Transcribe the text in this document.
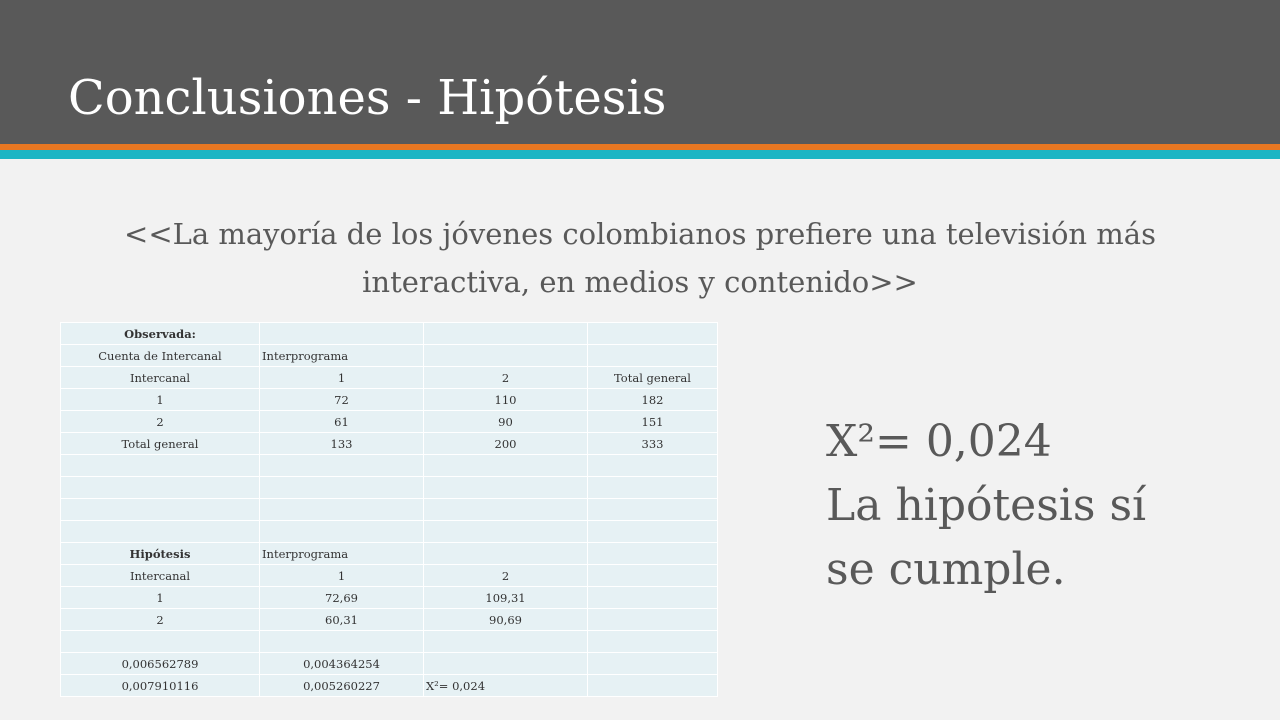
Conclusiones - Hipótesis
<<La mayoría de los jóvenes colombianos prefiere una televisión más
interactiva, en medios y contenido>>
Observada:			
Cuenta de Intercanal	Interprograma		
Intercanal	1	2	Total general
1	72	110	182
2	61	90	151
Total general	133	200	333

Hipótesis	Interprograma		
Intercanal	1	2	
1	72,69	109,31	
2	60,31	90,69	

0,006562789	0,004364254		
0,007910116	0,005260227	X²= 0,024	
X²= 0,024
La hipótesis sí
se cumple.
